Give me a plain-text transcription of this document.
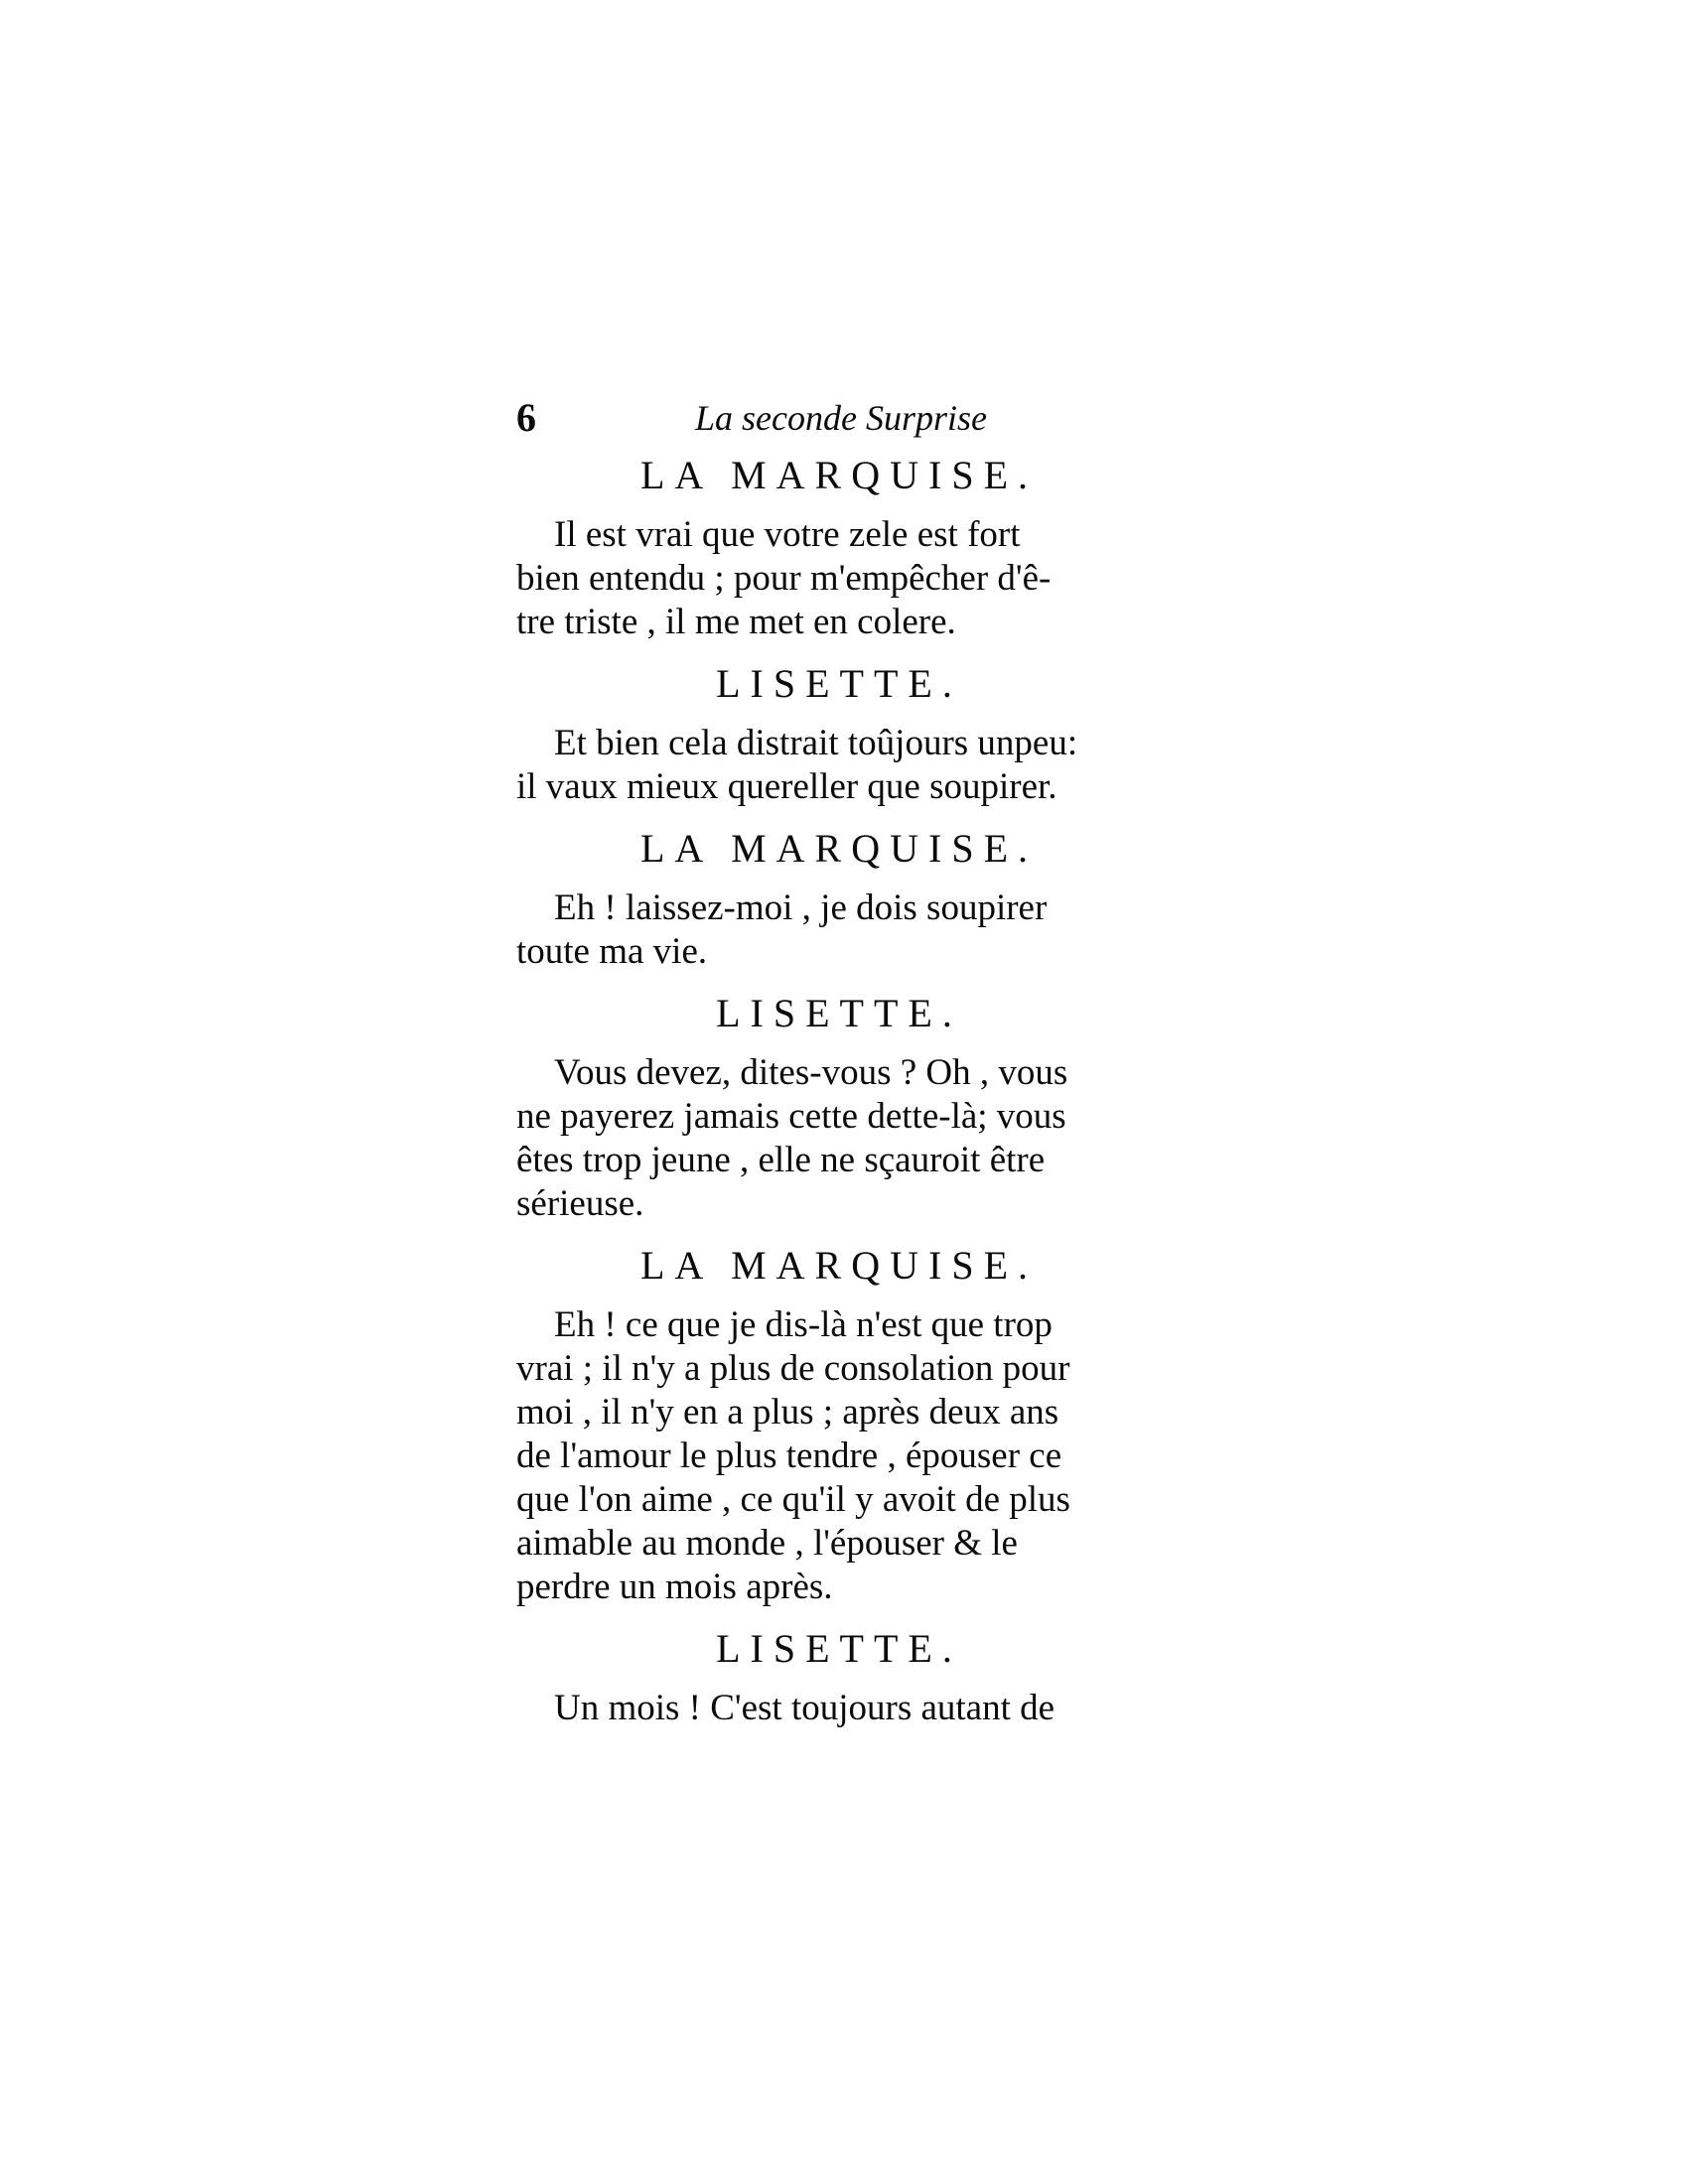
6	La seconde Surprise
LA MARQUISE.
Il est vrai que votre zele est fort
bien entendu ; pour m'empêcher d'ê-
tre triste , il me met en colere.
LISETTE.
Et bien cela distrait toûjours unpeu:
il vaux mieux quereller que soupirer.
LA MARQUISE.
Eh ! laissez-moi , je dois soupirer
toute ma vie.
LISETTE.
Vous devez, dites-vous ? Oh , vous
ne payerez jamais cette dette-là; vous
êtes trop jeune , elle ne sçauroit être
sérieuse.
LA MARQUISE.
Eh ! ce que je dis-là n'est que trop
vrai ; il n'y a plus de consolation pour
moi , il n'y en a plus ; après deux ans
de l'amour le plus tendre , épouser ce
que l'on aime , ce qu'il y avoit de plus
aimable au monde , l'épouser & le
perdre un mois après.
LISETTE.
Un mois ! C'est toujours autant de
